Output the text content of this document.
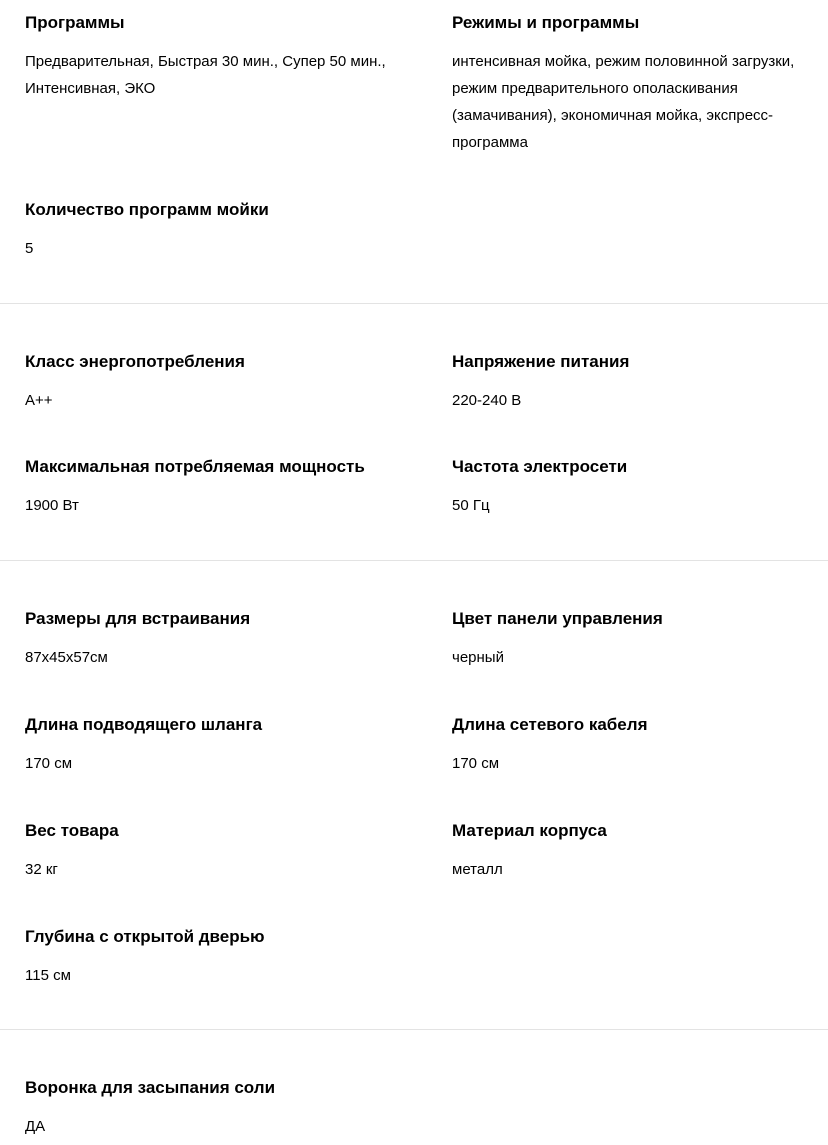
Программы
Предварительная, Быстрая 30 мин., Супер 50 мин., Интенсивная, ЭКО
Режимы и программы
интенсивная мойка, режим половинной загрузки, режим предварительного ополаскивания (замачивания), экономичная мойка, экспресс-программа
Количество программ мойки
5
Класс энергопотребления
A++
Напряжение питания
220-240 В
Максимальная потребляемая мощность
1900 Вт
Частота электросети
50 Гц
Размеры для встраивания
87x45x57см
Цвет панели управления
черный
Длина подводящего шланга
170 см
Длина сетевого кабеля
170 см
Вес товара
32 кг
Материал корпуса
металл
Глубина с открытой дверью
115 см
Воронка для засыпания соли
ДА
